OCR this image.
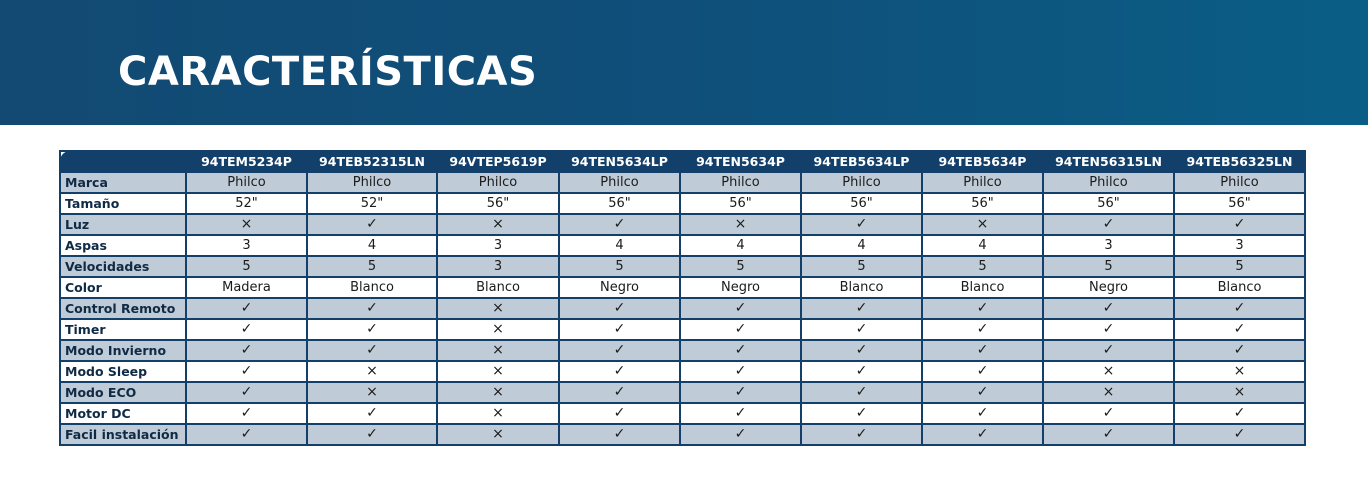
CARACTERÍSTICAS
	94TEM5234P	94TEB52315LN	94VTEP5619P	94TEN5634LP	94TEN5634P	94TEB5634LP	94TEB5634P	94TEN56315LN	94TEB56325LN
Marca	Philco	Philco	Philco	Philco	Philco	Philco	Philco	Philco	Philco
Tamaño	52"	52"	56"	56"	56"	56"	56"	56"	56"
Luz	×	✓	×	✓	×	✓	×	✓	✓
Aspas	3	4	3	4	4	4	4	3	3
Velocidades	5	5	3	5	5	5	5	5	5
Color	Madera	Blanco	Blanco	Negro	Negro	Blanco	Blanco	Negro	Blanco
Control Remoto	✓	✓	×	✓	✓	✓	✓	✓	✓
Timer	✓	✓	×	✓	✓	✓	✓	✓	✓
Modo Invierno	✓	✓	×	✓	✓	✓	✓	✓	✓
Modo Sleep	✓	×	×	✓	✓	✓	✓	×	×
Modo ECO	✓	×	×	✓	✓	✓	✓	×	×
Motor DC	✓	✓	×	✓	✓	✓	✓	✓	✓
Facil instalación	✓	✓	×	✓	✓	✓	✓	✓	✓
